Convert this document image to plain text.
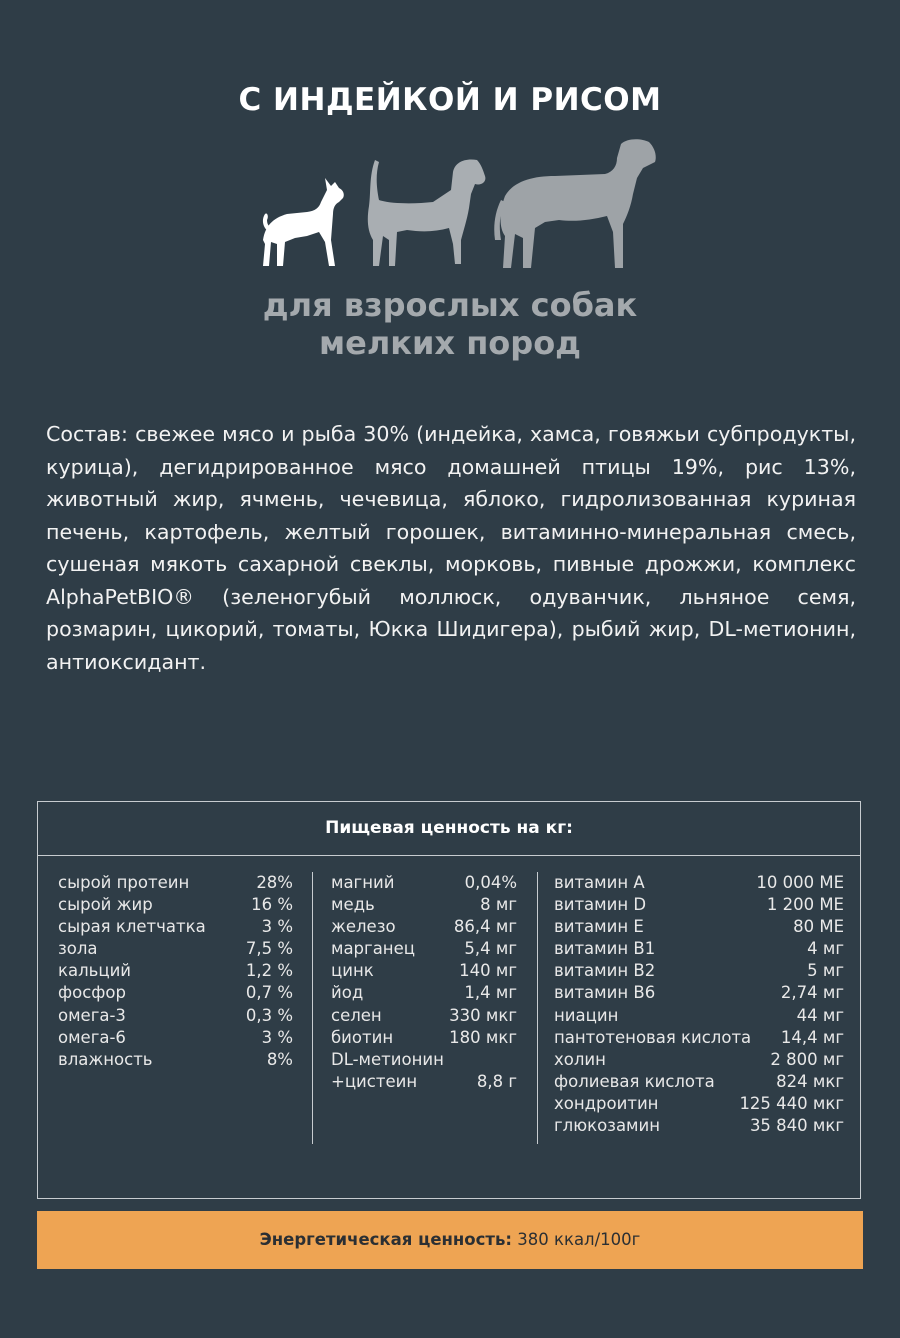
С ИНДЕЙКОЙ И РИСОМ
для взрослых собак
мелких пород
Состав: свежее мясо и рыба 30% (индейка, хамса, говяжьи субпродукты, курица), дегидрированное мясо домашней птицы 19%, рис 13%, животный жир, ячмень, чечевица, яблоко, гидролизованная куриная печень, картофель, желтый горошек, витаминно-минеральная смесь, сушеная мякоть сахарной свеклы, морковь, пивные дрожжи, комплекс AlphaPetBIO® (зеленогубый моллюск, одуванчик, льняное семя, розмарин, цикорий, томаты, Юкка Шидигера), рыбий жир, DL-метионин, антиоксидант.
Пищевая ценность на кг:
сырой протеин	28%
сырой жир	16 %
сырая клетчатка	3 %
зола	7,5 %
кальций	1,2 %
фосфор	0,7 %
омега-3	0,3 %
омега-6	3 %
влажность	8%
магний	0,04%
медь	8 мг
железо	86,4 мг
марганец	5,4 мг
цинк	140 мг
йод	1,4 мг
селен	330 мкг
биотин	180 мкг
DL-метионин
+цистеин	8,8 г
витамин А	10 000 МЕ
витамин D	1 200 МЕ
витамин Е	80 МЕ
витамин В1	4 мг
витамин В2	5 мг
витамин В6	2,74 мг
ниацин	44 мг
пантотеновая кислота 14,4 мг
холин	2 800 мг
фолиевая кислота	824 мкг
хондроитин	125 440 мкг
глюкозамин	35 840 мкг
Энергетическая ценность: 380 ккал/100г
